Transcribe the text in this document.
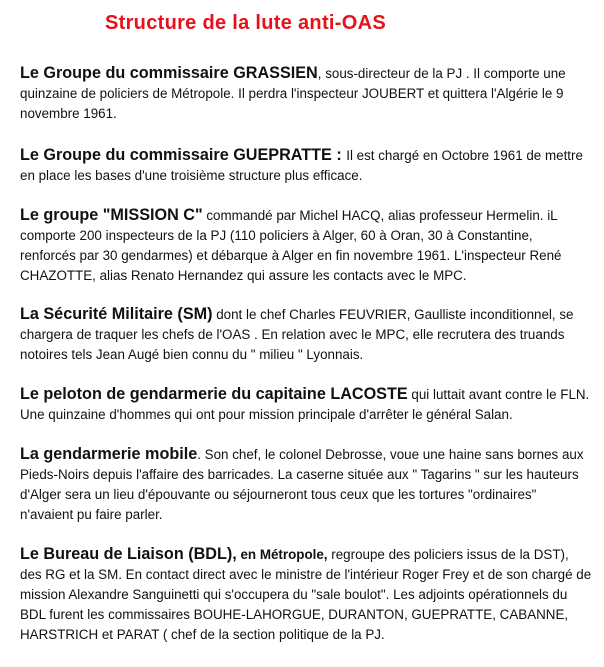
Structure de la lute anti-OAS

Le Groupe du commissaire GRASSIEN, sous-directeur de la PJ . Il comporte une quinzaine de policiers de Métropole. Il perdra l'inspecteur JOUBERT et quittera l'Algérie le 9 novembre 1961.

Le Groupe du commissaire GUEPRATTE : Il est chargé en Octobre 1961 de mettre en place les bases d'une troisième structure plus efficace.

Le groupe "MISSION C" commandé par Michel HACQ, alias professeur Hermelin. iL comporte 200 inspecteurs de la PJ (110 policiers à Alger, 60 à Oran, 30 à Constantine, renforcés par 30 gendarmes) et débarque à Alger en fin novembre 1961. L'inspecteur René CHAZOTTE, alias Renato Hernandez qui assure les contacts avec le MPC.

La Sécurité Militaire (SM) dont le chef Charles FEUVRIER, Gaulliste inconditionnel, se chargera de traquer les chefs de l'OAS . En relation avec le MPC, elle recrutera des truands notoires tels Jean Augé bien connu du " milieu " Lyonnais.

Le peloton de gendarmerie du capitaine LACOSTE qui luttait avant contre le FLN. Une quinzaine d'hommes qui ont pour mission principale d'arrêter le général Salan.

La gendarmerie mobile. Son chef, le colonel Debrosse, voue une haine sans bornes aux Pieds-Noirs depuis l'affaire des barricades. La caserne située aux " Tagarins " sur les hauteurs d'Alger sera un lieu d'épouvante ou séjourneront tous ceux que les tortures "ordinaires" n'avaient pu faire parler.

Le Bureau de Liaison (BDL), en Métropole, regroupe des policiers issus de la DST), des RG et la SM. En contact direct avec le ministre de l'intérieur Roger Frey et de son chargé de mission Alexandre Sanguinetti qui s'occupera du "sale boulot". Les adjoints opérationnels du BDL furent les commissaires BOUHE-LAHORGUE, DURANTON, GUEPRATTE, CABANNE, HARSTRICH et PARAT ( chef de la section politique de la PJ.
